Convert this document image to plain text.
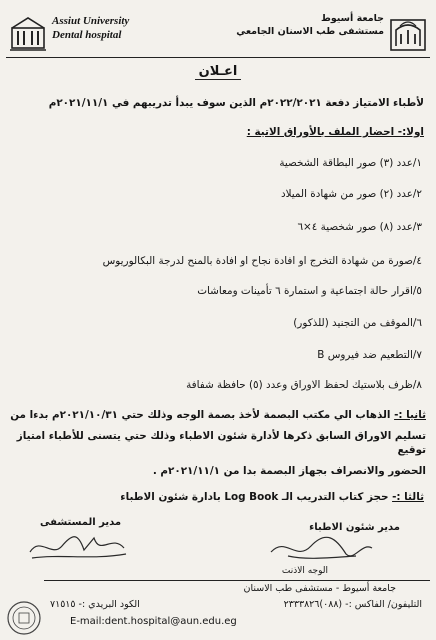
Assiut University
Dental hospital
جامعة أسيوط
مستشفى طب الاسنان الجامعي
اعـلان
لأطباء الامتياز دفعة ٢٠٢٢/٢٠٢١م الذين سوف يبدأ تدريبهم في ٢٠٢١/١١/١م
اولا:- احضار الملف بالأوراق الاتية :
١/عدد (٣) صور البطاقة الشخصية
٢/عدد (٢) صور من شهادة الميلاد
٣/عدد (٨) صور شخصية ٤×٦
٤/صورة من شهادة التخرج او افادة نجاح او افادة بالمنح لدرجة البكالوريوس
٥/اقرار حالة اجتماعية و استمارة ٦ تأمينات ومعاشات
٦/الموقف من التجنيد (للذكور)
٧/التطعيم ضد فيروس B
٨/ظرف بلاستيك لحفظ الاوراق وعدد (٥) حافظة شفافة
ثانيا :- الذهاب الي مكتب البصمة لأخذ بصمة الوجه وذلك حتي ٢٠٢١/١٠/٣١م بدءا من
تسليم الاوراق السابق ذكرها لأدارة شئون الاطباء وذلك حتي يتسنى للأطباء امتياز توقيع
الحضور والانصراف بجهاز البصمة بدا من ٢٠٢١/١١/١م .
ثالثا :- حجز كتاب التدريب الـ Log Book بادارة شئون الاطباء
مدير شئون الاطباء
الوجه الاذنت
مدير المستشفى
جامعة أسيوط - مستشفى طب الاسنان
الكود البريدي :- ٧١٥١٥	التليفون/ الفاكس :- (٠٨٨)٢٣٣٣٨٢٦
E-mail:dent.hospital@aun.edu.eg
